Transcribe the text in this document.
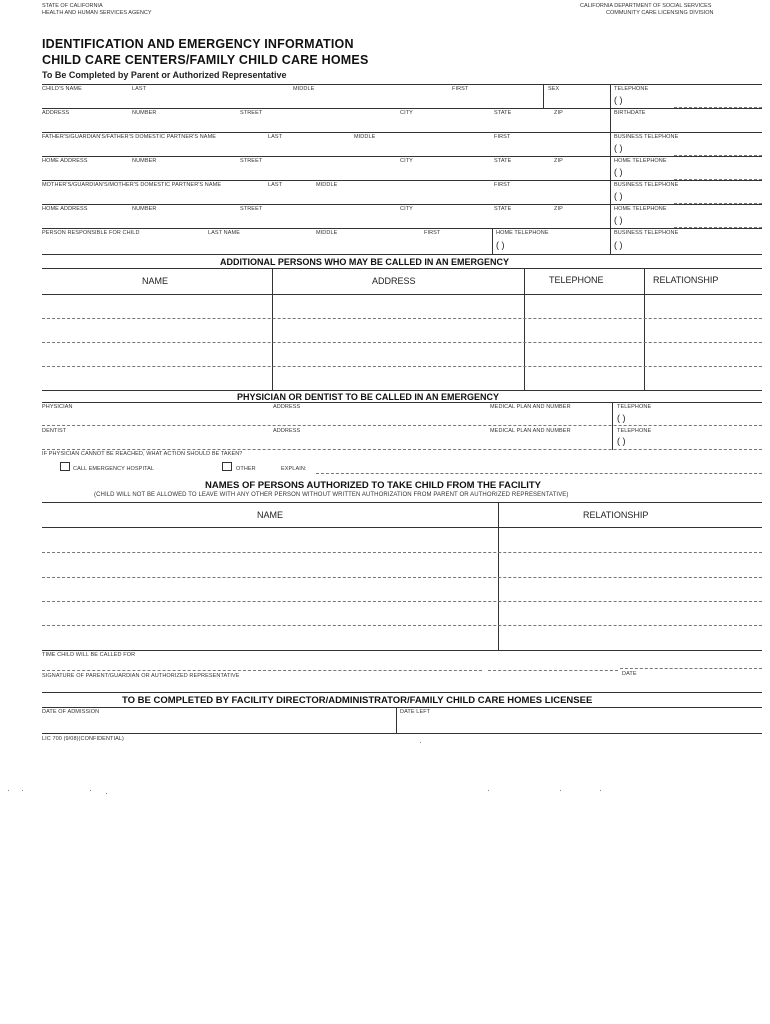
STATE OF CALIFORNIA
HEALTH AND HUMAN SERVICES AGENCY
CALIFORNIA DEPARTMENT OF SOCIAL SERVICES
COMMUNITY CARE LICENSING DIVISION
IDENTIFICATION AND EMERGENCY INFORMATION
CHILD CARE CENTERS/FAMILY CHILD CARE HOMES
To Be Completed by Parent or Authorized Representative
CHILD'S NAME	LAST	MIDDLE	FIRST	SEX	TELEPHONE
( )
ADDRESS	NUMBER	STREET	CITY	STATE	ZIP	BIRTHDATE
FATHER'S/GUARDIAN'S/FATHER'S DOMESTIC PARTNER'S NAME	LAST	MIDDLE	FIRST	BUSINESS TELEPHONE
( )
HOME ADDRESS	NUMBER	STREET	CITY	STATE	ZIP	HOME TELEPHONE
( )
MOTHER'S/GUARDIAN'S/MOTHER'S DOMESTIC PARTNER'S NAME	LAST	MIDDLE	FIRST	BUSINESS TELEPHONE
( )
HOME ADDRESS	NUMBER	STREET	CITY	STATE	ZIP	HOME TELEPHONE
( )
PERSON RESPONSIBLE FOR CHILD	LAST NAME	MIDDLE	FIRST	HOME TELEPHONE
( )
BUSINESS TELEPHONE
( )
ADDITIONAL PERSONS WHO MAY BE CALLED IN AN EMERGENCY
NAME	ADDRESS	TELEPHONE	RELATIONSHIP
PHYSICIAN OR DENTIST TO BE CALLED IN AN EMERGENCY
PHYSICIAN	ADDRESS	MEDICAL PLAN AND NUMBER	TELEPHONE
( )
DENTIST	ADDRESS	MEDICAL PLAN AND NUMBER	TELEPHONE
( )
IF PHYSICIAN CANNOT BE REACHED, WHAT ACTION SHOULD BE TAKEN?
CALL EMERGENCY HOSPITAL	OTHER	EXPLAIN:
NAMES OF PERSONS AUTHORIZED TO TAKE CHILD FROM THE FACILITY
(CHILD WILL NOT BE ALLOWED TO LEAVE WITH ANY OTHER PERSON WITHOUT WRITTEN AUTHORIZATION FROM PARENT OR AUTHORIZED REPRESENTATIVE)
NAME	RELATIONSHIP
TIME CHILD WILL BE CALLED FOR
SIGNATURE OF PARENT/GUARDIAN OR AUTHORIZED REPRESENTATIVE	DATE
TO BE COMPLETED BY FACILITY DIRECTOR/ADMINISTRATOR/FAMILY CHILD CARE HOMES LICENSEE
DATE OF ADMISSION	DATE LEFT
LIC 700 (9/08)(CONFIDENTIAL)
